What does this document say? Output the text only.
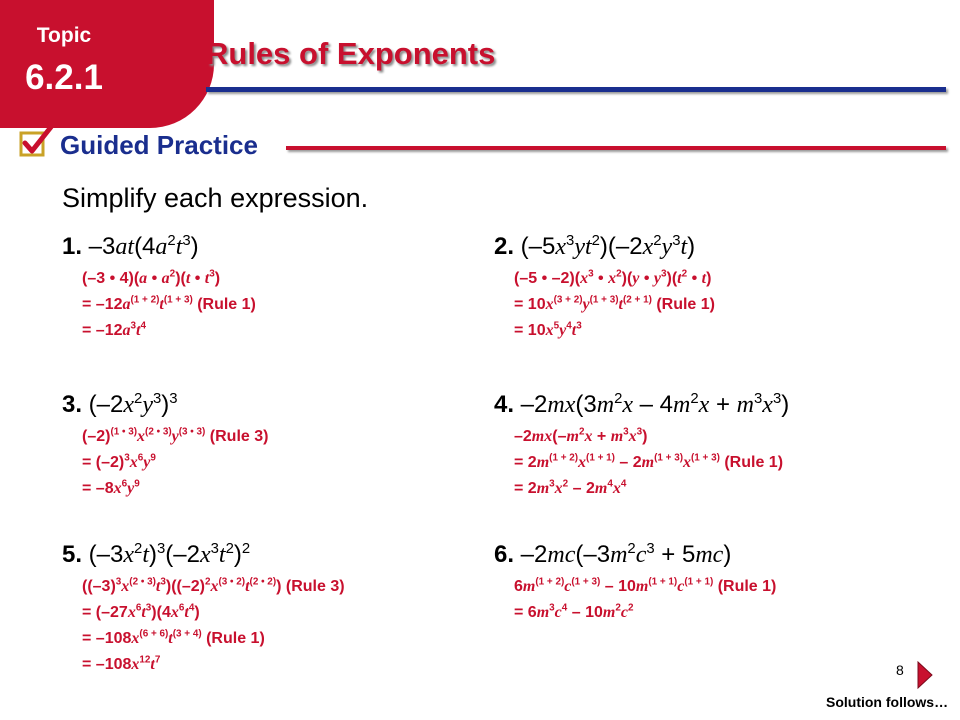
Topic
6.2.1
Rules of Exponents
Guided Practice

Simplify each expression.

1. $-3at(4a^2t^3)$
(–3 • 4)(a • $a^2)(t$ • $t^3$)
= $-12a^{(1 + 2)}t^{(1 + 3)}$ (Rule 1)
= $-12a^3t^4$
2. $(-5x^3yt^2)(-2x^2y^3t)$
(–5 • $-2)(x^3$ • $x^2)(y$ • $y^3)(t^2$ • t)
= $10x^{(3 + 2)}y^{(1 + 3)}t^{(2 + 1)}$ (Rule 1)
= $10x^5y^4t^3$
3. $(-2x^2y^3)^3$
$(-2)^{(1 • 3)}x^{(2 • 3)}y^{(3 • 3)}$ (Rule 3)
= $(-2)^3x^6y^9$
= $-8x^6y^9$
4. $-2mx(3m^2x - 4m^2x + m^3x^3)$
$-2mx(-m^2x + m^3x^3)$
= $2m^{(1 + 2)}x^{(1 + 1)} - 2m^{(1 + 3)}x^{(1 + 3)}$ (Rule 1)
= $2m^3x^2 - 2m^4x^4$
5. $(-3x^2t)^3(-2x^3t^2)^2$
$((-3)^3x^{(2 • 3)}t^3)((-2)^2x^{(3 • 2)}t^{(2 • 2)})$ (Rule 3)
= $(-27x^6t^3)(4x^6t^4)$
= $-108x^{(6 + 6)}t^{(3 + 4)}$ (Rule 1)
= $-108x^{12}t^7$
6. $-2mc(-3m^2c^3 + 5mc)$
$6m^{(1 + 2)}c^{(1 + 3)} - 10m^{(1 + 1)}c^{(1 + 1)}$ (Rule 1)
= $6m^3c^4 - 10m^2c^2$
8
Solution follows…
